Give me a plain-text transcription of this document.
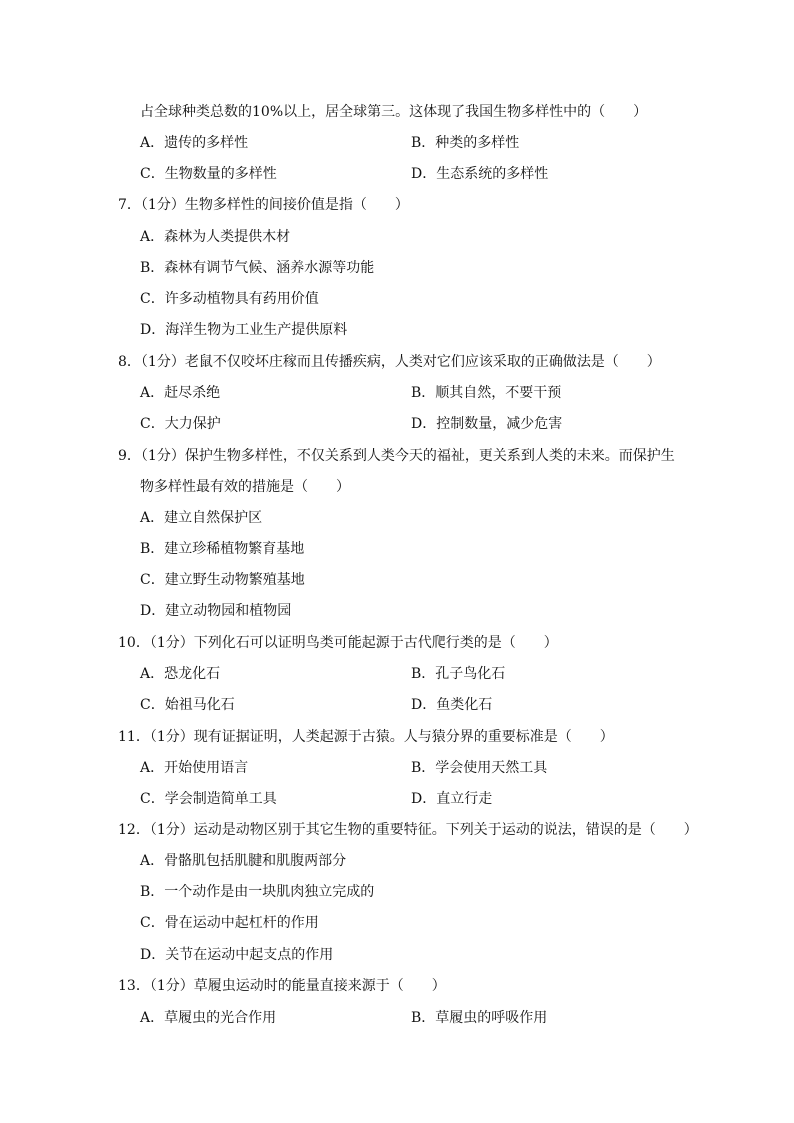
占全球种类总数的10%以上，居全球第三。这体现了我国生物多样性中的（　　）
A．遗传的多样性	B．种类的多样性
C．生物数量的多样性	D．生态系统的多样性
7．（1分）生物多样性的间接价值是指（　　）
A．森林为人类提供木材
B．森林有调节气候、涵养水源等功能
C．许多动植物具有药用价值
D．海洋生物为工业生产提供原料
8．（1分）老鼠不仅咬坏庄稼而且传播疾病，人类对它们应该采取的正确做法是（　　）
A．赶尽杀绝	B．顺其自然，不要干预
C．大力保护	D．控制数量，减少危害
9．（1分）保护生物多样性，不仅关系到人类今天的福祉，更关系到人类的未来。而保护生
物多样性最有效的措施是（　　）
A．建立自然保护区
B．建立珍稀植物繁育基地
C．建立野生动物繁殖基地
D．建立动物园和植物园
10．（1分）下列化石可以证明鸟类可能起源于古代爬行类的是（　　）
A．恐龙化石	B．孔子鸟化石
C．始祖马化石	D．鱼类化石
11．（1分）现有证据证明，人类起源于古猿。人与猿分界的重要标准是（　　）
A．开始使用语言	B．学会使用天然工具
C．学会制造简单工具	D．直立行走
12．（1分）运动是动物区别于其它生物的重要特征。下列关于运动的说法，错误的是（　　）
A．骨骼肌包括肌腱和肌腹两部分
B．一个动作是由一块肌肉独立完成的
C．骨在运动中起杠杆的作用
D．关节在运动中起支点的作用
13．（1分）草履虫运动时的能量直接来源于（　　）
A．草履虫的光合作用	B．草履虫的呼吸作用
